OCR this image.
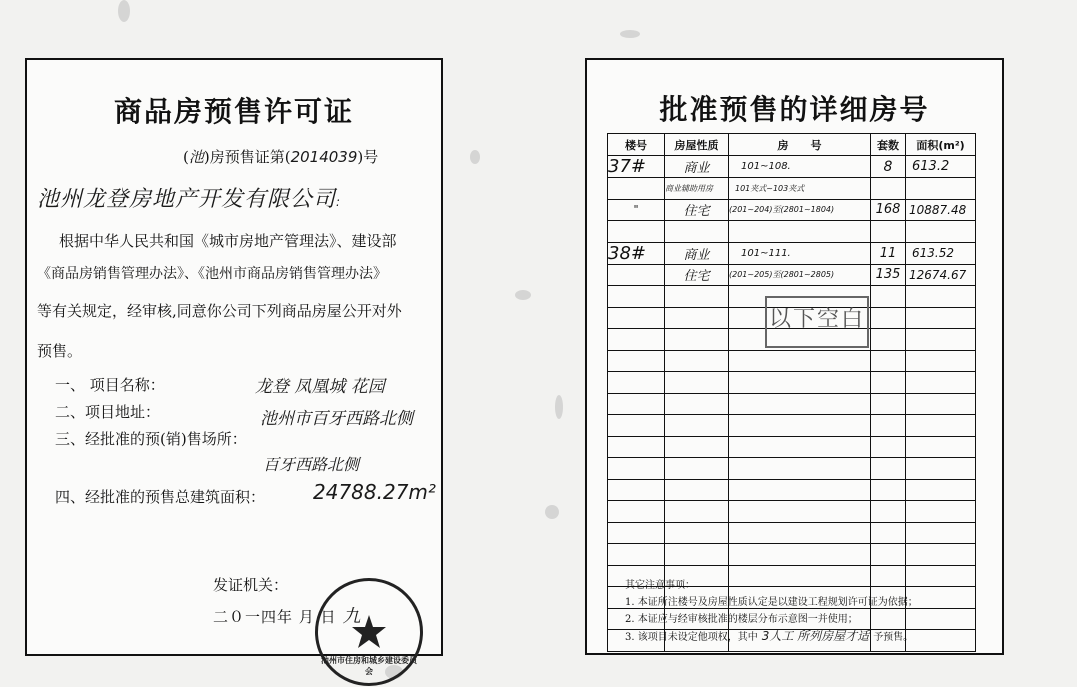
商品房预售许可证
(池)房预售证第(2014039)号
池州龙登房地产开发有限公司:
根据中华人民共和国《城市房地产管理法》、建设部
《商品房销售管理办法》、《池州市商品房销售管理办法》
等有关规定，经审核,同意你公司下列商品房屋公开对外
预售。
一、 项目名称：	龙登 凤凰城 花园
二、项目地址：	池州市百牙西路北侧
三、经批准的预(销)售场所：
百牙西路北侧
四、经批准的预售总建筑面积： 24788.27m²
池州市住房和城乡建设委员会
发证机关：
二０一四年 月 日 九
批准预售的详细房号
楼号	房屋性质	房　　号	套数	面积(m²)
37#	商业	101~108.	8	613.2
	商业辅助用房	101夹式~103夹式		
"	住宅	(201~204)至(2801~1804)	168	10887.48

38#	商业	101~111.	11	613.52
	住宅	(201~205)至(2801~2805)	135	12674.67

以下空白
其它注意事项：
1. 本证所注楼号及房屋性质认定是以建设工程规划许可证为依据；
2. 本证应与经审核批准的楼层分布示意图一并使用；
3. 该项目未设定他项权，其中 3人工 所列房屋才适 予预售。
